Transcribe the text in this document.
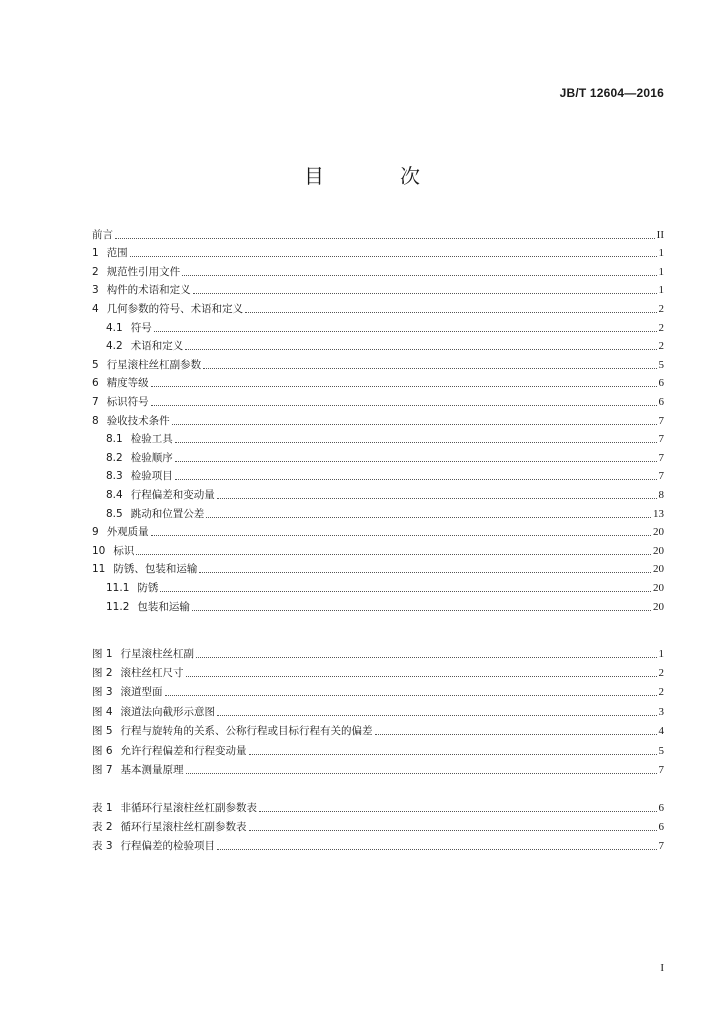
JB/T 12604—2016
目　次
前言	II
1 范围	1
2 规范性引用文件	1
3 构件的术语和定义	1
4 几何参数的符号、术语和定义	2
4.1 符号	2
4.2 术语和定义	2
5 行星滚柱丝杠副参数	5
6 精度等级	6
7 标识符号	6
8 验收技术条件	7
8.1 检验工具	7
8.2 检验顺序	7
8.3 检验项目	7
8.4 行程偏差和变动量	8
8.5 跳动和位置公差	13
9 外观质量	20
10 标识	20
11 防锈、包装和运输	20
11.1 防锈	20
11.2 包装和运输	20
图 1 行星滚柱丝杠副	1
图 2 滚柱丝杠尺寸	2
图 3 滚道型面	2
图 4 滚道法向截形示意图	3
图 5 行程与旋转角的关系、公称行程或目标行程有关的偏差	4
图 6 允许行程偏差和行程变动量	5
图 7 基本测量原理	7
表 1 非循环行星滚柱丝杠副参数表	6
表 2 循环行星滚柱丝杠副参数表	6
表 3 行程偏差的检验项目	7
I
